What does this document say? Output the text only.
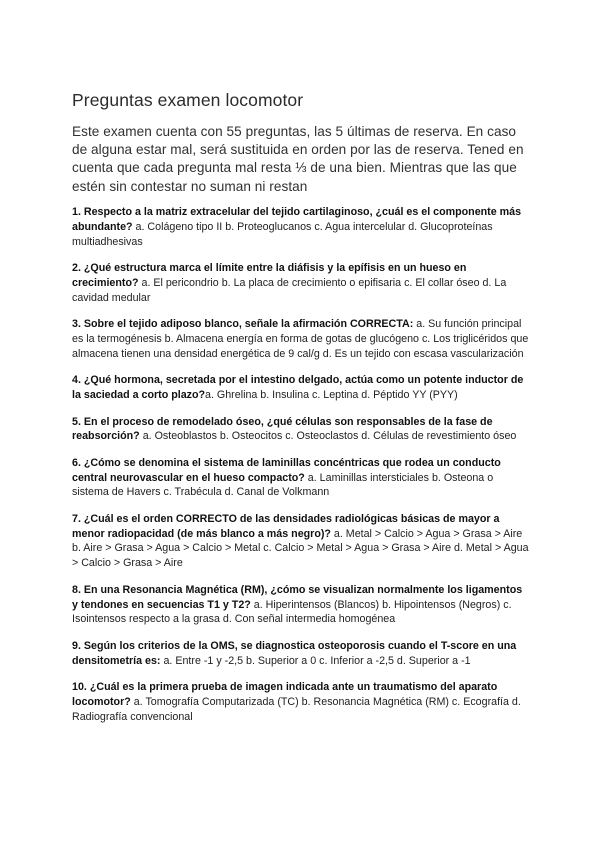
Preguntas examen locomotor
Este examen cuenta con 55 preguntas, las 5 últimas de reserva. En caso de alguna estar mal, será sustituida en orden por las de reserva. Tened en cuenta que cada pregunta mal resta ⅓ de una bien. Mientras que las que estén sin contestar no suman ni restan

1. Respecto a la matriz extracelular del tejido cartilaginoso, ¿cuál es el componente más abundante? a. Colágeno tipo II b. Proteoglucanos c. Agua intercelular d. Glucoproteínas multiadhesivas

2. ¿Qué estructura marca el límite entre la diáfisis y la epífisis en un hueso en crecimiento? a. El pericondrio b. La placa de crecimiento o epifisaria c. El collar óseo d. La cavidad medular

3. Sobre el tejido adiposo blanco, señale la afirmación CORRECTA: a. Su función principal es la termogénesis b. Almacena energía en forma de gotas de glucógeno c. Los triglicéridos que almacena tienen una densidad energética de 9 cal/g d. Es un tejido con escasa vascularización

4. ¿Qué hormona, secretada por el intestino delgado, actúa como un potente inductor de la saciedad a corto plazo?a. Ghrelina b. Insulina c. Leptina d. Péptido YY (PYY)

5. En el proceso de remodelado óseo, ¿qué células son responsables de la fase de reabsorción? a. Osteoblastos b. Osteocitos c. Osteoclastos d. Células de revestimiento óseo

6. ¿Cómo se denomina el sistema de laminillas concéntricas que rodea un conducto central neurovascular en el hueso compacto? a. Laminillas intersticiales b. Osteona o sistema de Havers c. Trabécula d. Canal de Volkmann

7. ¿Cuál es el orden CORRECTO de las densidades radiológicas básicas de mayor a menor radiopacidad (de más blanco a más negro)? a. Metal > Calcio > Agua > Grasa > Aire b. Aire > Grasa > Agua > Calcio > Metal c. Calcio > Metal > Agua > Grasa > Aire d. Metal > Agua > Calcio > Grasa > Aire

8. En una Resonancia Magnética (RM), ¿cómo se visualizan normalmente los ligamentos y tendones en secuencias T1 y T2? a. Hiperintensos (Blancos) b. Hipointensos (Negros) c. Isointensos respecto a la grasa d. Con señal intermedia homogénea

9. Según los criterios de la OMS, se diagnostica osteoporosis cuando el T-score en una densitometría es: a. Entre -1 y -2,5 b. Superior a 0 c. Inferior a -2,5 d. Superior a -1

10. ¿Cuál es la primera prueba de imagen indicada ante un traumatismo del aparato locomotor? a. Tomografía Computarizada (TC) b. Resonancia Magnética (RM) c. Ecografía d. Radiografía convencional
